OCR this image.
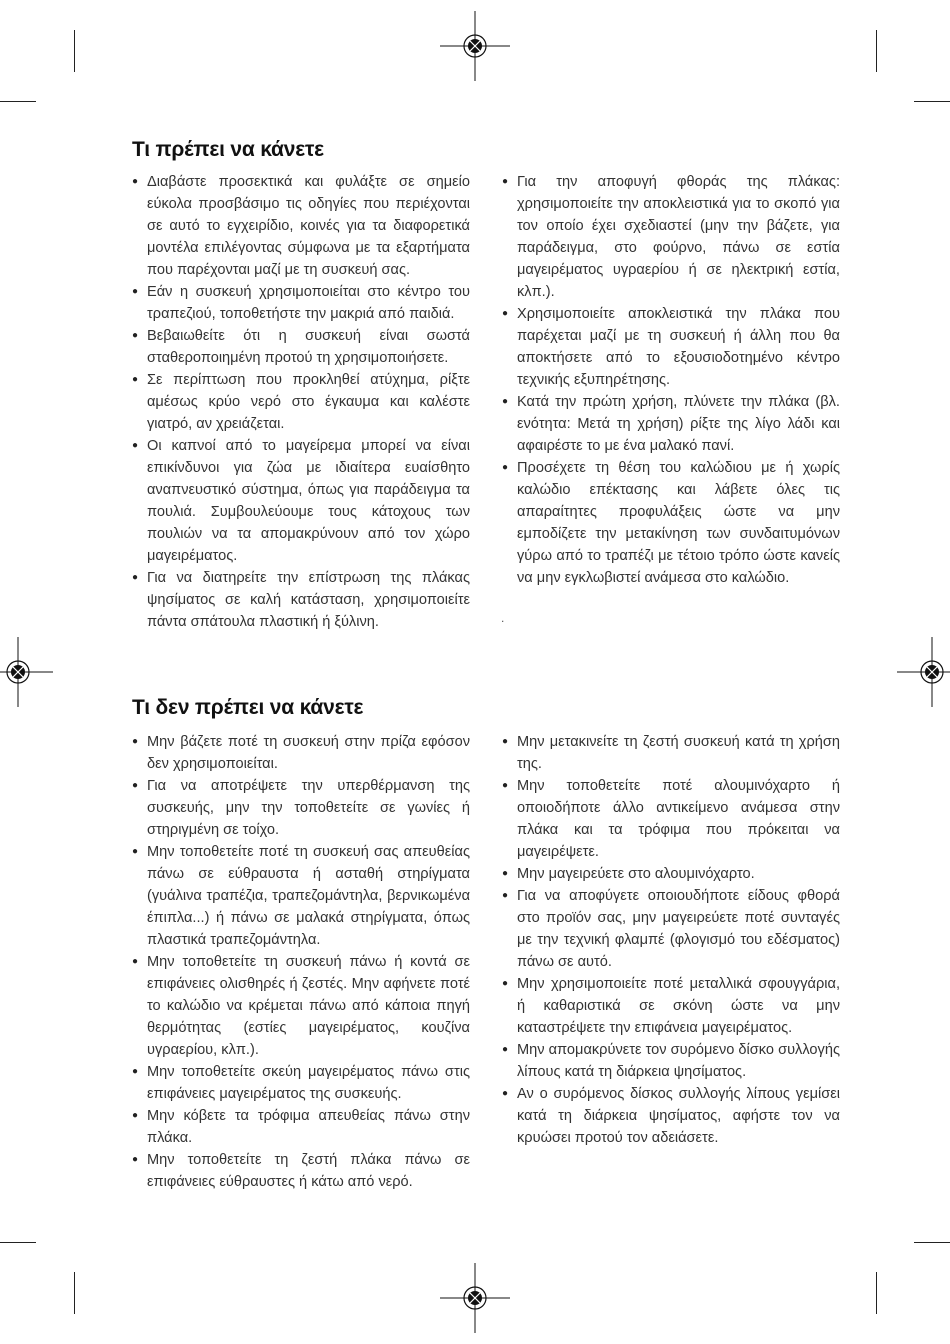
Τι πρέπει να κάνετε
● Διαβάστε προσεκτικά και φυλάξτε σε σημείο εύκολα προσβάσιμο τις οδηγίες που περιέχονται σε αυτό το εγχειρίδιο, κοινές για τα διαφορετικά μοντέλα επιλέγοντας σύμφωνα με τα εξαρτήματα που παρέχονται μαζί με τη συσκευή σας.
● Εάν η συσκευή χρησιμοποιείται στο κέντρο του τραπεζιού, τοποθετήστε την μακριά από παιδιά.
● Βεβαιωθείτε ότι η συσκευή είναι σωστά σταθεροποιημένη προτού τη χρησιμοποιήσετε.
● Σε περίπτωση που προκληθεί ατύχημα, ρίξτε αμέσως κρύο νερό στο έγκαυμα και καλέστε γιατρό, αν χρειάζεται.
● Οι καπνοί από το μαγείρεμα μπορεί να είναι επικίνδυνοι για ζώα με ιδιαίτερα ευαίσθητο αναπνευστικό σύστημα, όπως για παράδειγμα τα πουλιά. Συμβουλεύουμε τους κάτοχους των πουλιών να τα απομακρύνουν από τον χώρο μαγειρέματος.
● Για να διατηρείτε την επίστρωση της πλάκας ψησίματος σε καλή κατάσταση, χρησιμοποιείτε πάντα σπάτουλα πλαστική ή ξύλινη.
● Για την αποφυγή φθοράς της πλάκας: χρησιμοποιείτε την αποκλειστικά για το σκοπό για τον οποίο έχει σχεδιαστεί (μην την βάζετε, για παράδειγμα, στο φούρνο, πάνω σε εστία μαγειρέματος υγραερίου ή σε ηλεκτρική εστία, κλπ.).
● Χρησιμοποιείτε αποκλειστικά την πλάκα που παρέχεται μαζί με τη συσκευή ή άλλη που θα αποκτήσετε από το εξουσιοδοτημένο κέντρο τεχνικής εξυπηρέτησης.
● Κατά την πρώτη χρήση, πλύνετε την πλάκα (βλ. ενότητα: Μετά τη χρήση) ρίξτε της λίγο λάδι και αφαιρέστε το με ένα μαλακό πανί.
● Προσέχετε τη θέση του καλώδιου με ή χωρίς καλώδιο επέκτασης και λάβετε όλες τις απαραίτητες προφυλάξεις ώστε να μην εμποδίζετε την μετακίνηση των συνδαιτυμόνων γύρω από το τραπέζι με τέτοιο τρόπο ώστε κανείς να μην εγκλωβιστεί ανάμεσα στο καλώδιο.
.
Τι δεν πρέπει να κάνετε
● Μην βάζετε ποτέ τη συσκευή στην πρίζα εφόσον δεν χρησιμοποιείται.
● Για να αποτρέψετε την υπερθέρμανση της συσκευής, μην την τοποθετείτε σε γωνίες ή στηριγμένη σε τοίχο.
● Μην τοποθετείτε ποτέ τη συσκευή σας απευθείας πάνω σε εύθραυστα ή ασταθή στηρίγματα (γυάλινα τραπέζια, τραπεζομάντηλα, βερνικωμένα έπιπλα...) ή πάνω σε μαλακά στηρίγματα, όπως πλαστικά τραπεζομάντηλα.
● Μην τοποθετείτε τη συσκευή πάνω ή κοντά σε επιφάνειες ολισθηρές ή ζεστές. Μην αφήνετε ποτέ το καλώδιο να κρέμεται πάνω από κάποια πηγή θερμότητας (εστίες μαγειρέματος, κουζίνα υγραερίου, κλπ.).
● Μην τοποθετείτε σκεύη μαγειρέματος πάνω στις επιφάνειες μαγειρέματος της συσκευής.
● Μην κόβετε τα τρόφιμα απευθείας πάνω στην πλάκα.
● Μην τοποθετείτε τη ζεστή πλάκα πάνω σε επιφάνειες εύθραυστες ή κάτω από νερό.
● Μην μετακινείτε τη ζεστή συσκευή κατά τη χρήση της.
● Μην τοποθετείτε ποτέ αλουμινόχαρτο ή οποιοδήποτε άλλο αντικείμενο ανάμεσα στην πλάκα και τα τρόφιμα που πρόκειται να μαγειρέψετε.
● Μην μαγειρεύετε στο αλουμινόχαρτο.
● Για να αποφύγετε οποιουδήποτε είδους φθορά στο προϊόν σας, μην μαγειρεύετε ποτέ συνταγές με την τεχνική φλαμπέ (φλογισμό του εδέσματος) πάνω σε αυτό.
● Μην χρησιμοποιείτε ποτέ μεταλλικά σφουγγάρια, ή καθαριστικά σε σκόνη ώστε να μην καταστρέψετε την επιφάνεια μαγειρέματος.
● Μην απομακρύνετε τον συρόμενο δίσκο συλλογής λίπους κατά τη διάρκεια ψησίματος.
● Αν ο συρόμενος δίσκος συλλογής λίπους γεμίσει κατά τη διάρκεια ψησίματος, αφήστε τον να κρυώσει προτού τον αδειάσετε.
